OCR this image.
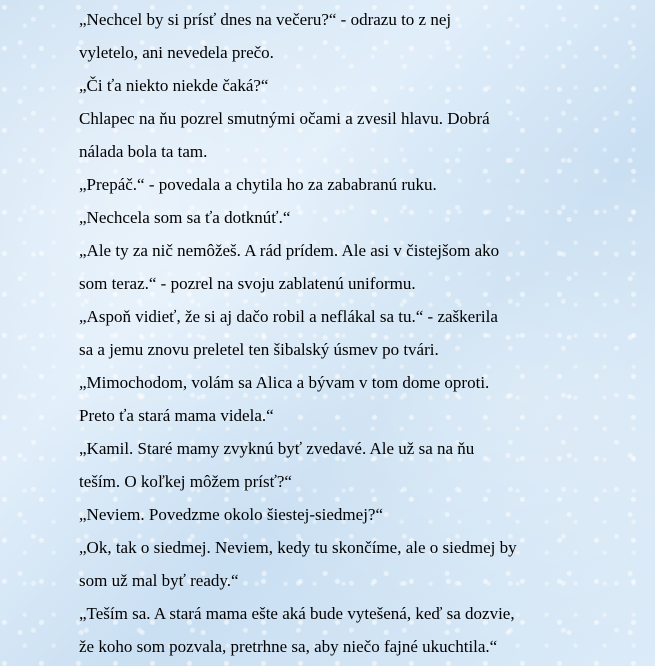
„Nechcel by si prísť dnes na večeru?“ - odrazu to z nej
vyletelo, ani nevedela prečo.
„Či ťa niekto niekde čaká?“
Chlapec na ňu pozrel smutnými očami a zvesil hlavu. Dobrá
nálada bola ta tam.
„Prepáč.“ - povedala a chytila ho za zababranú ruku.
„Nechcela som sa ťa dotknúť.“
„Ale ty za nič nemôžeš. A rád prídem. Ale asi v čistejšom ako
som teraz.“ - pozrel na svoju zablatenú uniformu.
„Aspoň vidieť, že si aj dačo robil a neflákal sa tu.“ - zaškerila
sa a jemu znovu preletel ten šibalský úsmev po tvári.
„Mimochodom, volám sa Alica a bývam v tom dome oproti.
Preto ťa stará mama videla.“
„Kamil. Staré mamy zvyknú byť zvedavé. Ale už sa na ňu
teším. O koľkej môžem prísť?“
„Neviem. Povedzme okolo šiestej-siedmej?“
„Ok, tak o siedmej. Neviem, kedy tu skončíme, ale o siedmej by
som už mal byť ready.“
„Teším sa. A stará mama ešte aká bude vytešená, keď sa dozvie,
že koho som pozvala, pretrhne sa, aby niečo fajné ukuchtila.“
